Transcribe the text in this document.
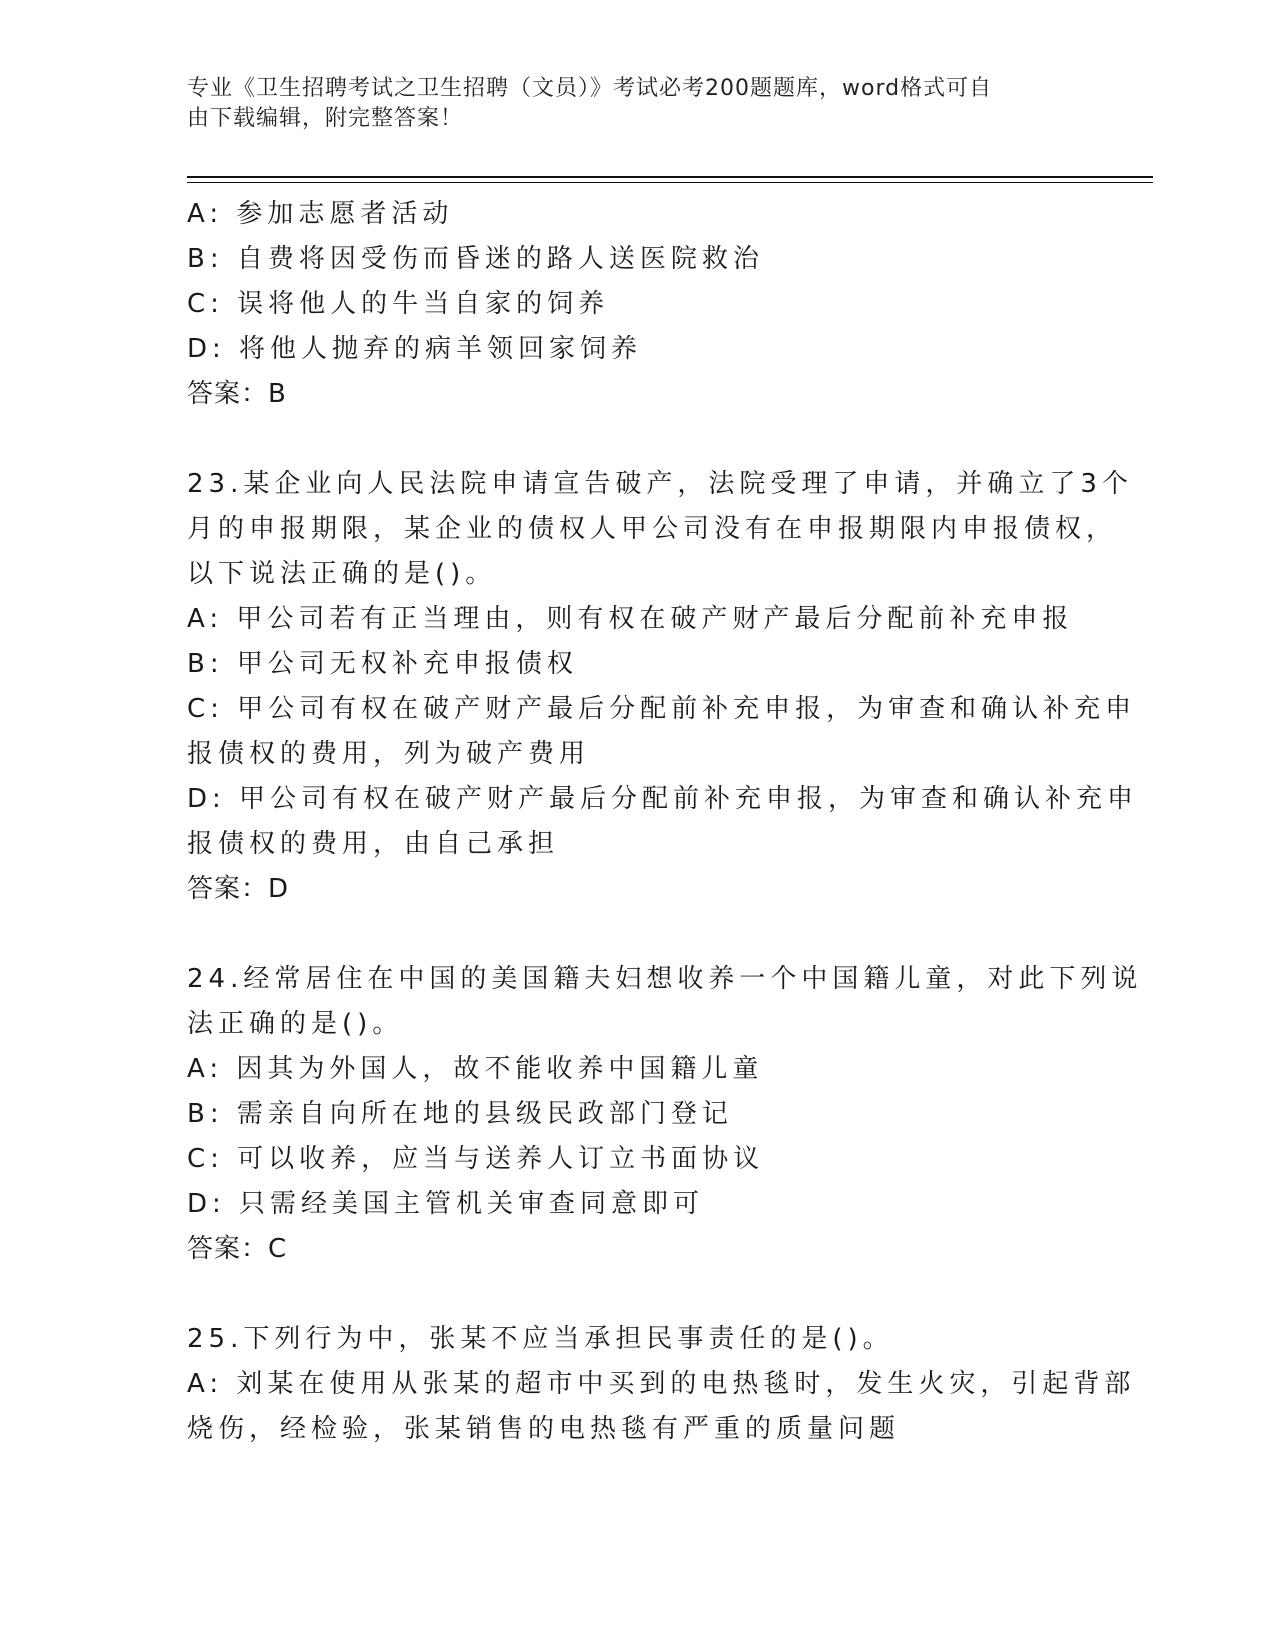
专业《卫生招聘考试之卫生招聘（文员）》考试必考200题题库，word格式可自
由下载编辑，附完整答案！
A: 参加志愿者活动
B: 自费将因受伤而昏迷的路人送医院救治
C: 误将他人的牛当自家的饲养
D: 将他人抛弃的病羊领回家饲养
答案：B
23.某企业向人民法院申请宣告破产，法院受理了申请，并确立了3个
月的申报期限，某企业的债权人甲公司没有在申报期限内申报债权，
以下说法正确的是()。
A: 甲公司若有正当理由，则有权在破产财产最后分配前补充申报
B: 甲公司无权补充申报债权
C: 甲公司有权在破产财产最后分配前补充申报，为审查和确认补充申
报债权的费用，列为破产费用
D: 甲公司有权在破产财产最后分配前补充申报，为审查和确认补充申
报债权的费用，由自己承担
答案：D
24.经常居住在中国的美国籍夫妇想收养一个中国籍儿童，对此下列说
法正确的是()。
A: 因其为外国人，故不能收养中国籍儿童
B: 需亲自向所在地的县级民政部门登记
C: 可以收养，应当与送养人订立书面协议
D: 只需经美国主管机关审查同意即可
答案：C
25.下列行为中，张某不应当承担民事责任的是()。
A: 刘某在使用从张某的超市中买到的电热毯时，发生火灾，引起背部
烧伤，经检验，张某销售的电热毯有严重的质量问题
